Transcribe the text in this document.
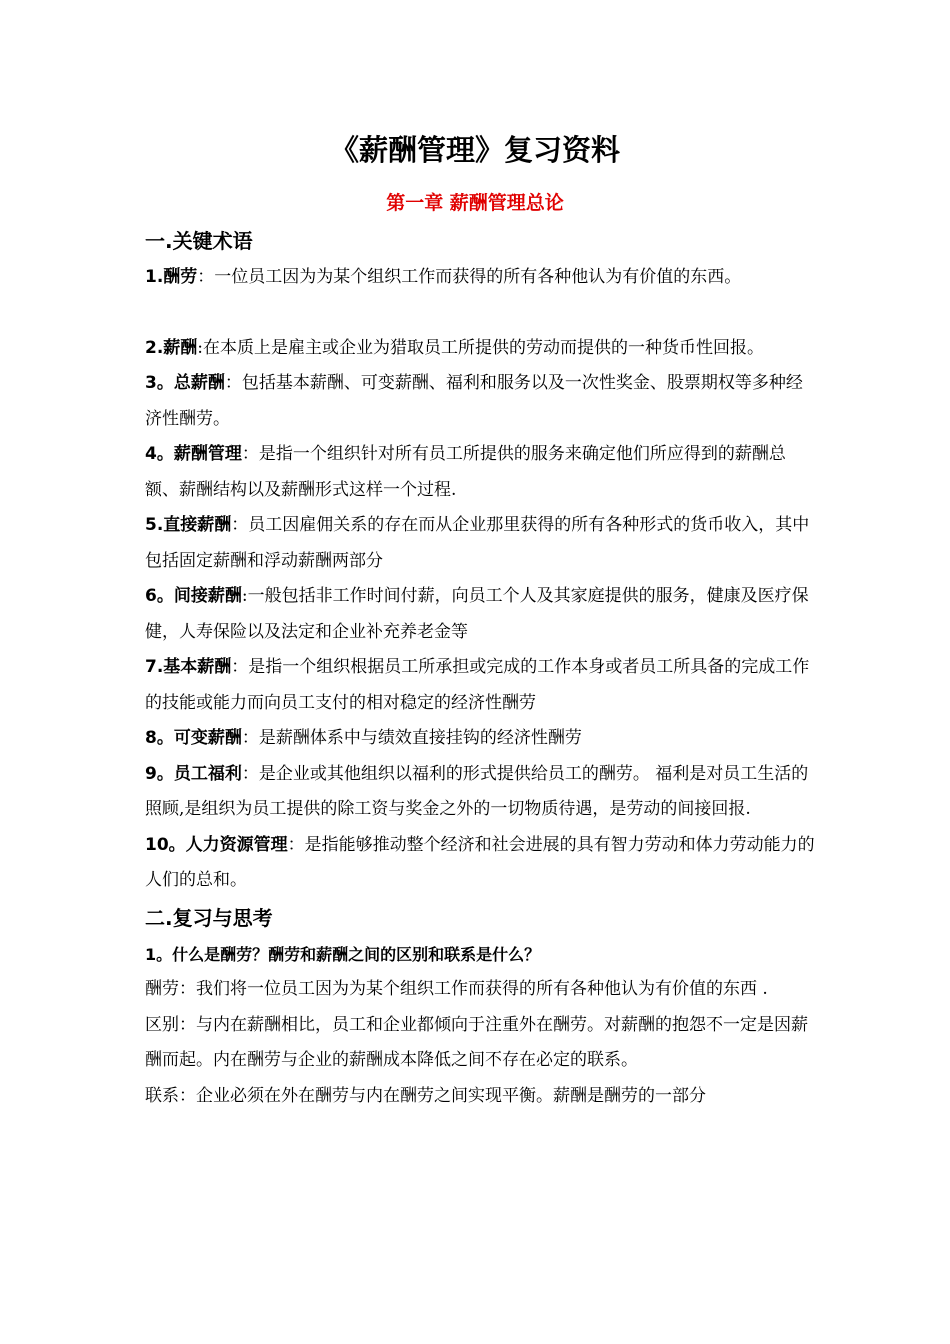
《薪酬管理》复习资料
第一章 薪酬管理总论
一.关键术语

1.酬劳：一位员工因为为某个组织工作而获得的所有各种他认为有价值的东西。

2.薪酬:在本质上是雇主或企业为猎取员工所提供的劳动而提供的一种货币性回报。

3。总薪酬：包括基本薪酬、可变薪酬、福利和服务以及一次性奖金、股票期权等多种经济性酬劳。

4。薪酬管理：是指一个组织针对所有员工所提供的服务来确定他们所应得到的薪酬总额、薪酬结构以及薪酬形式这样一个过程.

5.直接薪酬：员工因雇佣关系的存在而从企业那里获得的所有各种形式的货币收入，其中包括固定薪酬和浮动薪酬两部分

6。间接薪酬:一般包括非工作时间付薪，向员工个人及其家庭提供的服务，健康及医疗保健，人寿保险以及法定和企业补充养老金等

7.基本薪酬：是指一个组织根据员工所承担或完成的工作本身或者员工所具备的完成工作的技能或能力而向员工支付的相对稳定的经济性酬劳

8。可变薪酬：是薪酬体系中与绩效直接挂钩的经济性酬劳

9。员工福利：是企业或其他组织以福利的形式提供给员工的酬劳。 福利是对员工生活的照顾,是组织为员工提供的除工资与奖金之外的一切物质待遇，是劳动的间接回报.

10。人力资源管理：是指能够推动整个经济和社会进展的具有智力劳动和体力劳动能力的人们的总和。

二.复习与思考

1。什么是酬劳？酬劳和薪酬之间的区别和联系是什么？

酬劳：我们将一位员工因为为某个组织工作而获得的所有各种他认为有价值的东西 .

区别：与内在薪酬相比，员工和企业都倾向于注重外在酬劳。对薪酬的抱怨不一定是因薪酬而起。内在酬劳与企业的薪酬成本降低之间不存在必定的联系。

联系：企业必须在外在酬劳与内在酬劳之间实现平衡。薪酬是酬劳的一部分
